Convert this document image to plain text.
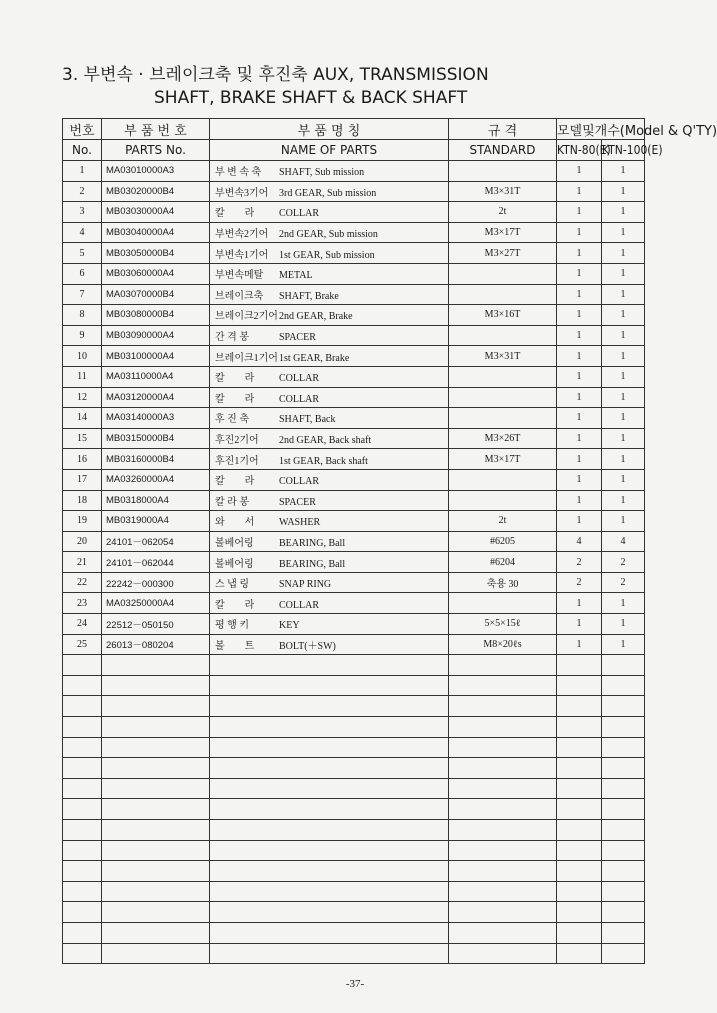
3. 부변속 · 브레이크축 및 후진축 AUX, TRANSMISSION
SHAFT, BRAKE SHAFT & BACK SHAFT
번호	부 품 번 호	부 품 명 칭	규 격	모델및개수(Model & Q'TY)	
No.	PARTS No.	NAME OF PARTS	STANDARD	KTN-80(E)	KTN-100(E)
1	MA03010000A3	부 변 속 축 SHAFT, Sub mission		1	1
2	MB03020000B4	부변속3기어 3rd GEAR, Sub mission	M3×31T	1	1
3	MB03030000A4	칼　　라 COLLAR	2t	1	1
4	MB03040000A4	부변속2기어 2nd GEAR, Sub mission	M3×17T	1	1
5	MB03050000B4	부변속1기어 1st GEAR, Sub mission	M3×27T	1	1
6	MB03060000A4	부변속메탈 METAL		1	1
7	MA03070000B4	브레이크축 SHAFT, Brake		1	1
8	MB03080000B4	브레이크2기어2nd GEAR, Brake	M3×16T	1	1
9	MB03090000A4	간 격 봉 SPACER		1	1
10	MB03100000A4	브레이크1기어1st GEAR, Brake	M3×31T	1	1
11	MA03110000A4	칼　　라 COLLAR		1	1
12	MA03120000A4	칼　　라 COLLAR		1	1
14	MA03140000A3	후 진 축 SHAFT, Back		1	1
15	MB03150000B4	후진2기어 2nd GEAR, Back shaft	M3×26T	1	1
16	MB03160000B4	후진1기어 1st GEAR, Back shaft	M3×17T	1	1
17	MA03260000A4	칼　　라 COLLAR		1	1
18	MB0318000A4	칼 라 봉 SPACER		1	1
19	MB0319000A4	와　　서 WASHER	2t	1	1
20	24101－062054	볼베어링 BEARING, Ball	#6205	4	4
21	24101－062044	볼베어링 BEARING, Ball	#6204	2	2
22	22242－000300	스 냅 링 SNAP RING	축용 30	2	2
23	MA03250000A4	칼　　라 COLLAR		1	1
24	22512－050150	평 행 키 KEY	5×5×15ℓ	1	1
25	26013－080204	볼　　트 BOLT(＋SW)	M8×20ℓs	1	1

-37-
